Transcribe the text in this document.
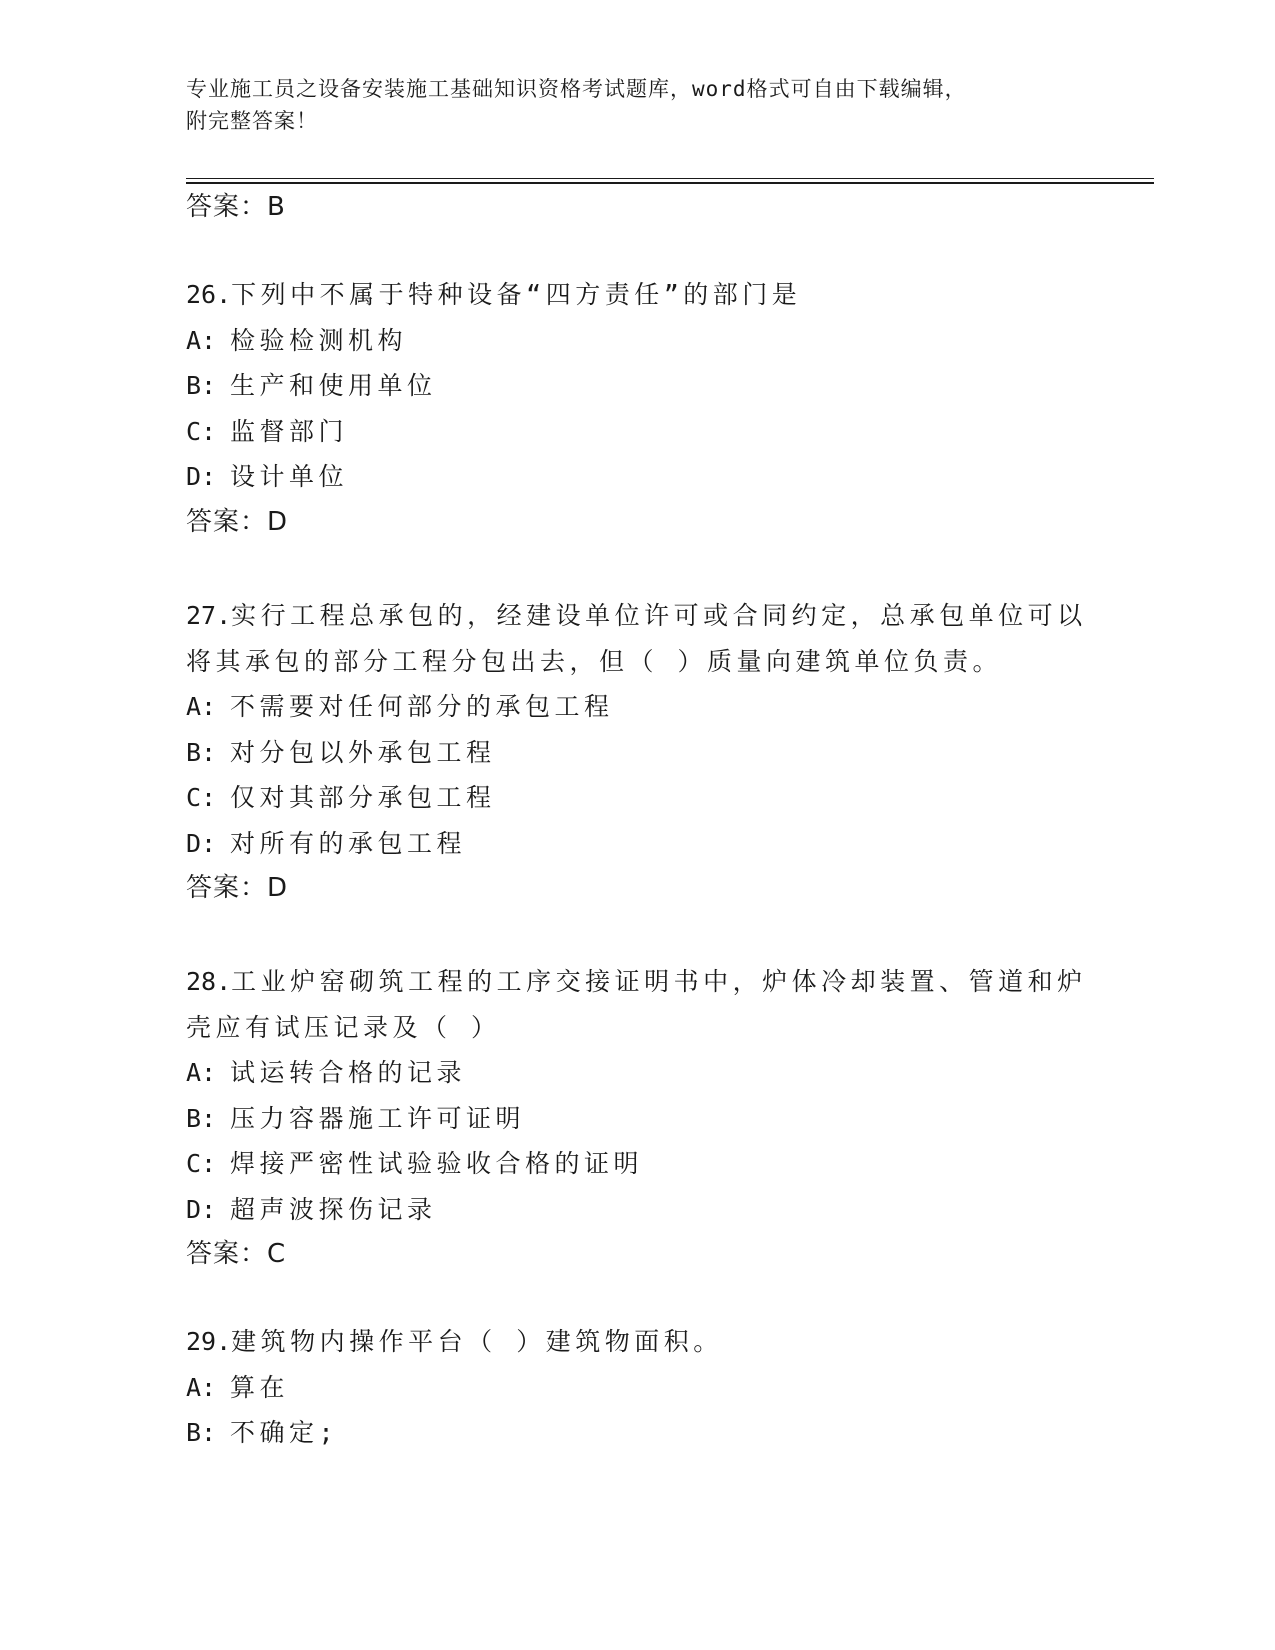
专业施工员之设备安装施工基础知识资格考试题库，word格式可自由下载编辑，
附完整答案！
答案：B
26.下列中不属于特种设备“四方责任”的部门是
A: 检验检测机构
B: 生产和使用单位
C: 监督部门
D: 设计单位
答案：D
27.实行工程总承包的，经建设单位许可或合同约定，总承包单位可以
将其承包的部分工程分包出去，但（ ）质量向建筑单位负责。
A: 不需要对任何部分的承包工程
B: 对分包以外承包工程
C: 仅对其部分承包工程
D: 对所有的承包工程
答案：D
28.工业炉窑砌筑工程的工序交接证明书中，炉体冷却装置、管道和炉
壳应有试压记录及（ ）
A: 试运转合格的记录
B: 压力容器施工许可证明
C: 焊接严密性试验验收合格的证明
D: 超声波探伤记录
答案：C
29.建筑物内操作平台（ ）建筑物面积。
A: 算在
B: 不确定;
